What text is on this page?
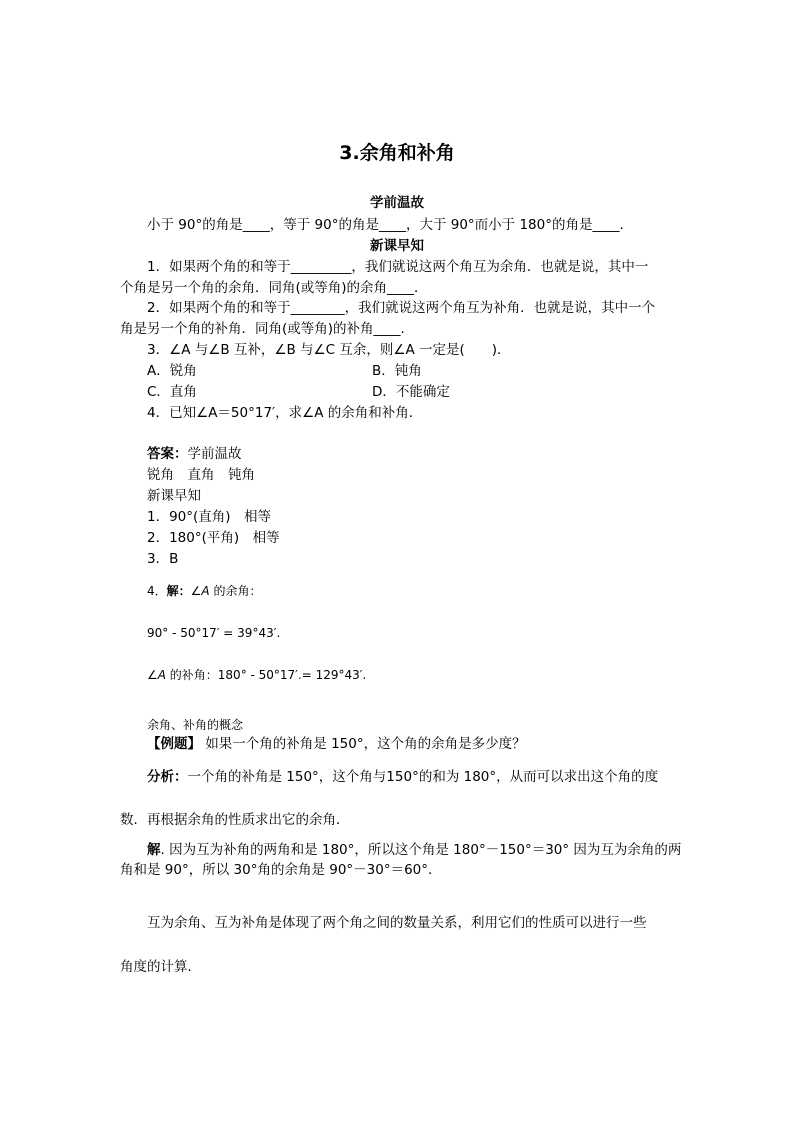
3.余角和补角
学前温故
小于 90°的角是____，等于 90°的角是____，大于 90°而小于 180°的角是____．
新课早知
1．如果两个角的和等于_________，我们就说这两个角互为余角．也就是说，其中一
个角是另一个角的余角．同角(或等角)的余角____．
2．如果两个角的和等于________，我们就说这两个角互为补角．也就是说，其中一个
角是另一个角的补角．同角(或等角)的补角____．
3．∠A 与∠B 互补，∠B 与∠C 互余，则∠A 一定是(　　)．
A．锐角	B．钝角
C．直角	D．不能确定
4．已知∠A＝50°17′，求∠A 的余角和补角．
答案：学前温故
锐角　直角　钝角
新课早知
1．90°(直角)　相等
2．180°(平角)　相等
3．B
4．解：∠A 的余角：
90° - 50°17′ = 39°43′.
∠A 的补角：180° - 50°17′.= 129°43′.
余角、补角的概念
【例题】 如果一个角的补角是 150°，这个角的余角是多少度？
分析：一个角的补角是 150°，这个角与150°的和为 180°，从而可以求出这个角的度
数．再根据余角的性质求出它的余角．
解. 因为互为补角的两角和是 180°，所以这个角是 180°－150°＝30° 因为互为余角的两
角和是 90°，所以 30°角的余角是 90°－30°＝60°.
互为余角、互为补角是体现了两个角之间的数量关系，利用它们的性质可以进行一些
角度的计算．
